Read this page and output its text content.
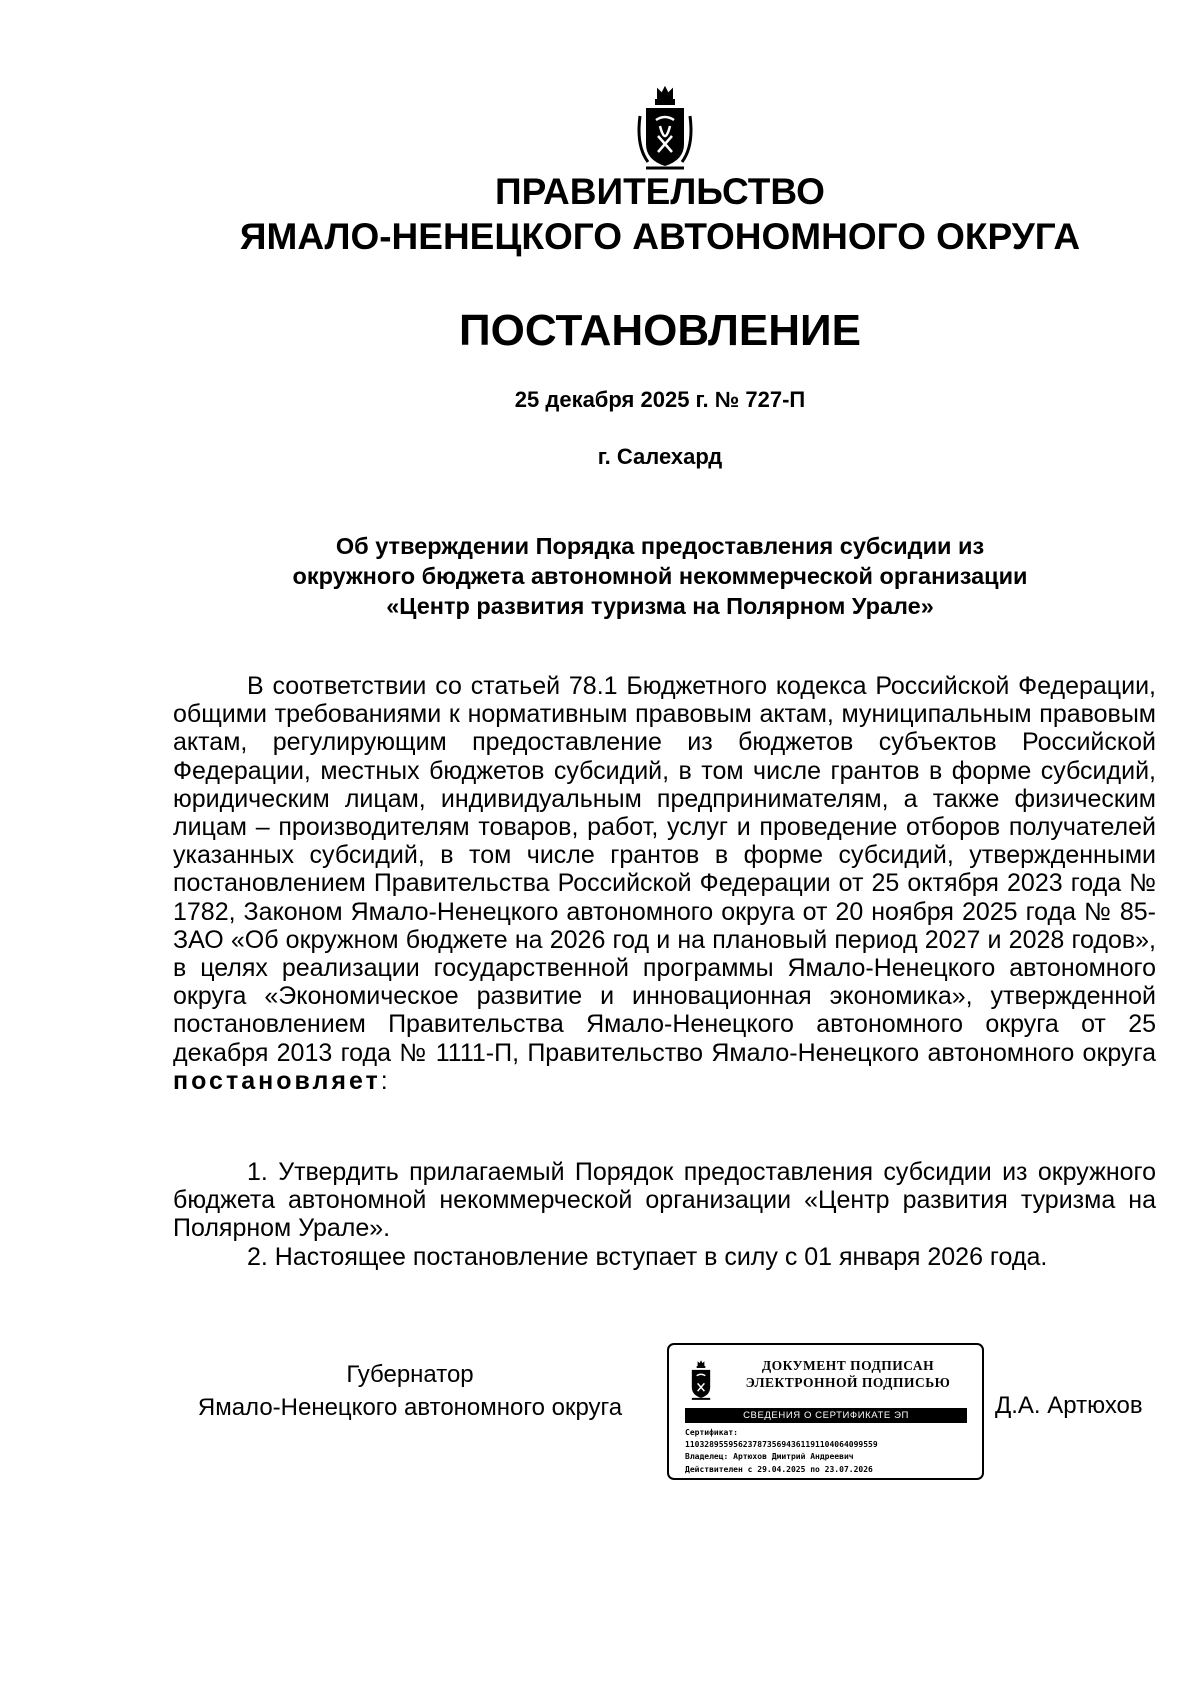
ПРАВИТЕЛЬСТВО
ЯМАЛО-НЕНЕЦКОГО АВТОНОМНОГО ОКРУГА
ПОСТАНОВЛЕНИЕ
25 декабря 2025 г. № 727-П
г. Салехард
Об утверждении Порядка предоставления субсидии из
окружного бюджета автономной некоммерческой организации
«Центр развития туризма на Полярном Урале»

В соответствии со статьей 78.1 Бюджетного кодекса Российской Федерации, общими требованиями к нормативным правовым актам, муниципальным правовым актам, регулирующим предоставление из бюджетов субъектов Российской Федерации, местных бюджетов субсидий, в том числе грантов в форме субсидий, юридическим лицам, индивидуальным предпринимателям, а также физическим лицам – производителям товаров, работ, услуг и проведение отборов получателей указанных субсидий, в том числе грантов в форме субсидий, утвержденными постановлением Правительства Российской Федерации от 25 октября 2023 года № 1782, Законом Ямало-Ненецкого автономного округа от 20 ноября 2025 года № 85-ЗАО «Об окружном бюджете на 2026 год и на плановый период 2027 и 2028 годов», в целях реализации государственной программы Ямало-Ненецкого автономного округа «Экономическое развитие и инновационная экономика», утвержденной постановлением Правительства Ямало-Ненецкого автономного округа от 25 декабря 2013 года № 1111-П, Правительство Ямало-Ненецкого автономного округа постановляет:

1. Утвердить прилагаемый Порядок предоставления субсидии из окружного бюджета автономной некоммерческой организации «Центр развития туризма на Полярном Урале».

2. Настоящее постановление вступает в силу с 01 января 2026 года.

Губернатор
Ямало-Ненецкого автономного округа
ДОКУМЕНТ ПОДПИСАН
ЭЛЕКТРОННОЙ ПОДПИСЬЮ
СВЕДЕНИЯ О СЕРТИФИКАТЕ ЭП
Сертификат:
1103289559562378735694361191104064099559
Владелец: Артюхов Дмитрий Андреевич
Действителен с 29.04.2025 по 23.07.2026
Д.А. Артюхов
